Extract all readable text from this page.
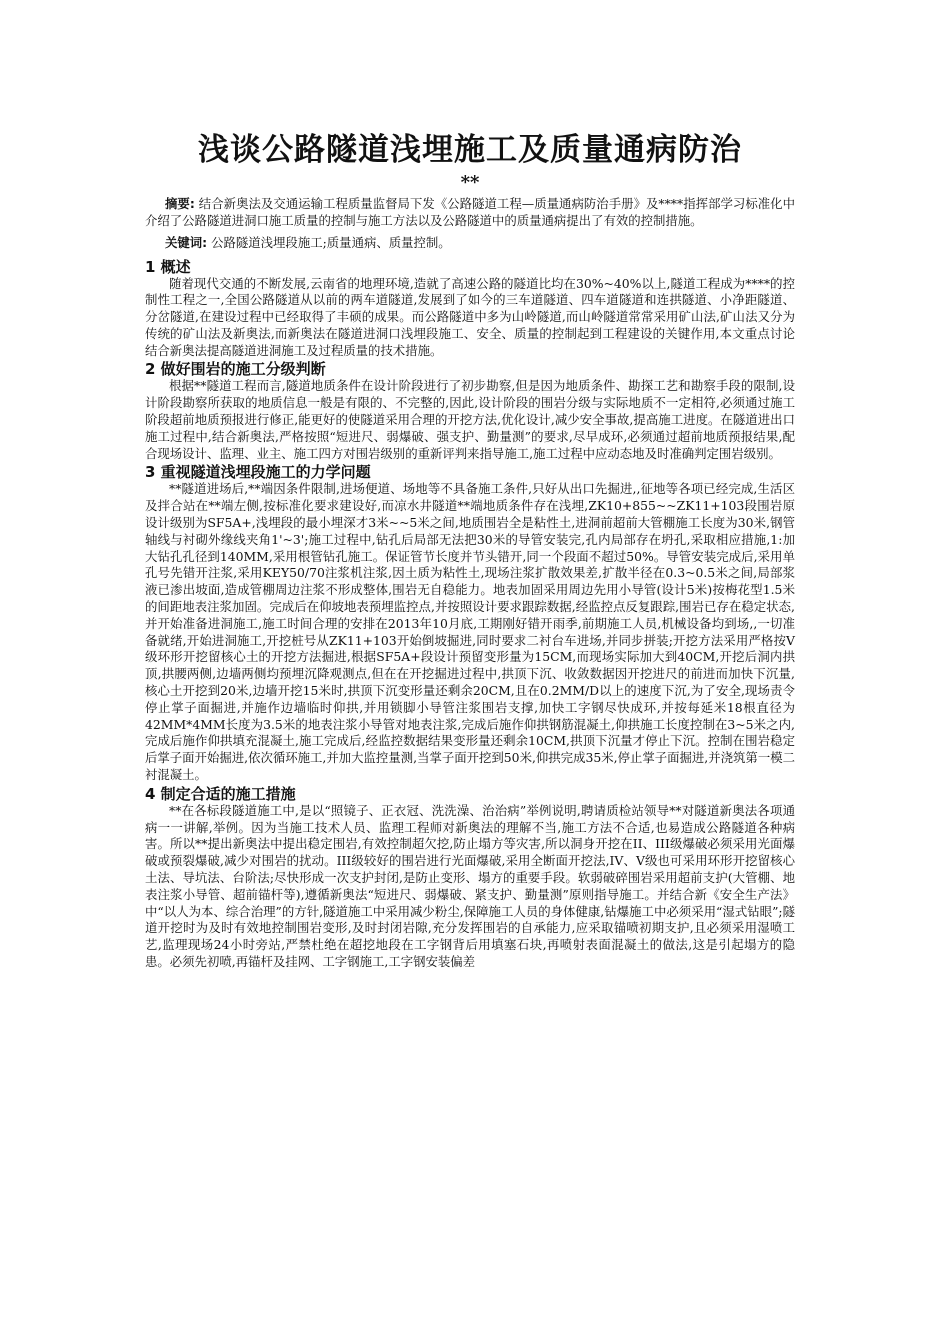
浅谈公路隧道浅埋施工及质量通病防治
**
摘要: 结合新奥法及交通运输工程质量监督局下发《公路隧道工程—质量通病防治手册》及****指挥部学习标准化中介绍了公路隧道进洞口施工质量的控制与施工方法以及公路隧道中的质量通病提出了有效的控制措施。
关键词: 公路隧道浅埋段施工;质量通病、质量控制。
1 概述

随着现代交通的不断发展,云南省的地理环境,造就了高速公路的隧道比均在30%~40%以上,隧道工程成为****的控制性工程之一,全国公路隧道从以前的两车道隧道,发展到了如今的三车道隧道、四车道隧道和连拱隧道、小净距隧道、分岔隧道,在建设过程中已经取得了丰硕的成果。而公路隧道中多为山岭隧道,而山岭隧道常常采用矿山法,矿山法又分为传统的矿山法及新奥法,而新奥法在隧道进洞口浅埋段施工、安全、质量的控制起到工程建设的关键作用,本文重点讨论结合新奥法提高隧道进洞施工及过程质量的技术措施。

2 做好围岩的施工分级判断

根据**隧道工程而言,隧道地质条件在设计阶段进行了初步勘察,但是因为地质条件、勘探工艺和勘察手段的限制,设计阶段勘察所获取的地质信息一般是有限的、不完整的,因此,设计阶段的围岩分级与实际地质不一定相符,必须通过施工阶段超前地质预报进行修正,能更好的使隧道采用合理的开挖方法,优化设计,减少安全事故,提高施工进度。在隧道进出口施工过程中,结合新奥法,严格按照“短进尺、弱爆破、强支护、勤量测”的要求,尽早成环,必须通过超前地质预报结果,配合现场设计、监理、业主、施工四方对围岩级别的重新评判来指导施工,施工过程中应动态地及时准确判定围岩级别。

3 重视隧道浅埋段施工的力学问题

**隧道进场后,**端因条件限制,进场便道、场地等不具备施工条件,只好从出口先掘进,,征地等各项已经完成,生活区及拌合站在**端左侧,按标准化要求建设好,而凉水井隧道**端地质条件存在浅埋,ZK10+855~~ZK11+103段围岩原设计级别为SF5A+,浅埋段的最小埋深才3米~~5米之间,地质围岩全是粘性土,进洞前超前大管棚施工长度为30米,钢管轴线与衬砌外缘线夹角1'~3';施工过程中,钻孔后局部无法把30米的导管安装完,孔内局部存在坍孔,采取相应措施,1:加大钻孔孔径到140MM,采用根管钻孔施工。保证管节长度并节头错开,同一个段面不超过50%。导管安装完成后,采用单孔号先错开注浆,采用KEY50/70注浆机注浆,因土质为粘性土,现场注浆扩散效果差,扩散半径在0.3~0.5米之间,局部浆液已渗出坡面,造成管棚周边注浆不形成整体,围岩无自稳能力。地表加固采用周边先用小导管(设计5米)按梅花型1.5米的间距地表注浆加固。完成后在仰坡地表预埋监控点,并按照设计要求跟踪数据,经监控点反复跟踪,围岩已存在稳定状态,并开始准备进洞施工,施工时间合理的安排在2013年10月底,工期刚好错开雨季,前期施工人员,机械设备均到场,,一切准备就绪,开始进洞施工,开挖桩号从ZK11+103开始倒坡掘进,同时要求二衬台车进场,并同步拼装;开挖方法采用严格按V级环形开挖留核心土的开挖方法掘进,根据SF5A+段设计预留变形量为15CM,而现场实际加大到40CM,开挖后洞内拱顶,拱腰两侧,边墙两侧均预埋沉降观测点,但在在开挖掘进过程中,拱顶下沉、收敛数据因开挖进尺的前进而加快下沉量,核心土开挖到20米,边墙开挖15米时,拱顶下沉变形量还剩余20CM,且在0.2MM/D以上的速度下沉,为了安全,现场责令停止掌子面掘进,并施作边墙临时仰拱,并用锁脚小导管注浆围岩支撑,加快工字钢尽快成环,并按每延米18根直径为42MM*4MM长度为3.5米的地表注浆小导管对地表注浆,完成后施作仰拱钢筋混凝土,仰拱施工长度控制在3~5米之内,完成后施作仰拱填充混凝土,施工完成后,经监控数据结果变形量还剩余10CM,拱顶下沉量才停止下沉。控制在围岩稳定后掌子面开始掘进,依次循环施工,并加大监控量测,当掌子面开挖到50米,仰拱完成35米,停止掌子面掘进,并浇筑第一模二衬混凝土。

4 制定合适的施工措施

**在各标段隧道施工中,是以“照镜子、正衣冠、洗洗澡、治治病”举例说明,聘请质检站领导**对隧道新奥法各项通病一一讲解,举例。因为当施工技术人员、监理工程师对新奥法的理解不当,施工方法不合适,也易造成公路隧道各种病害。所以**提出新奥法中提出稳定围岩,有效控制超欠挖,防止塌方等灾害,所以洞身开挖在II、III级爆破必须采用光面爆破或预裂爆破,减少对围岩的扰动。III级较好的围岩进行光面爆破,采用全断面开挖法,IV、V级也可采用环形开挖留核心土法、导坑法、台阶法;尽快形成一次支护封闭,是防止变形、塌方的重要手段。软弱破碎围岩采用超前支护(大管棚、地表注浆小导管、超前锚杆等),遵循新奥法“短进尺、弱爆破、紧支护、勤量测”原则指导施工。并结合新《安全生产法》中“以人为本、综合治理”的方针,隧道施工中采用减少粉尘,保障施工人员的身体健康,钻爆施工中必须采用“湿式钻眼”;隧道开挖时为及时有效地控制围岩变形,及时封闭岩隙,充分发挥围岩的自承能力,应采取锚喷初期支护,且必须采用湿喷工艺,监理现场24小时旁站,严禁杜绝在超挖地段在工字钢背后用填塞石块,再喷射表面混凝土的做法,这是引起塌方的隐患。必须先初喷,再锚杆及挂网、工字钢施工,工字钢安装偏差
